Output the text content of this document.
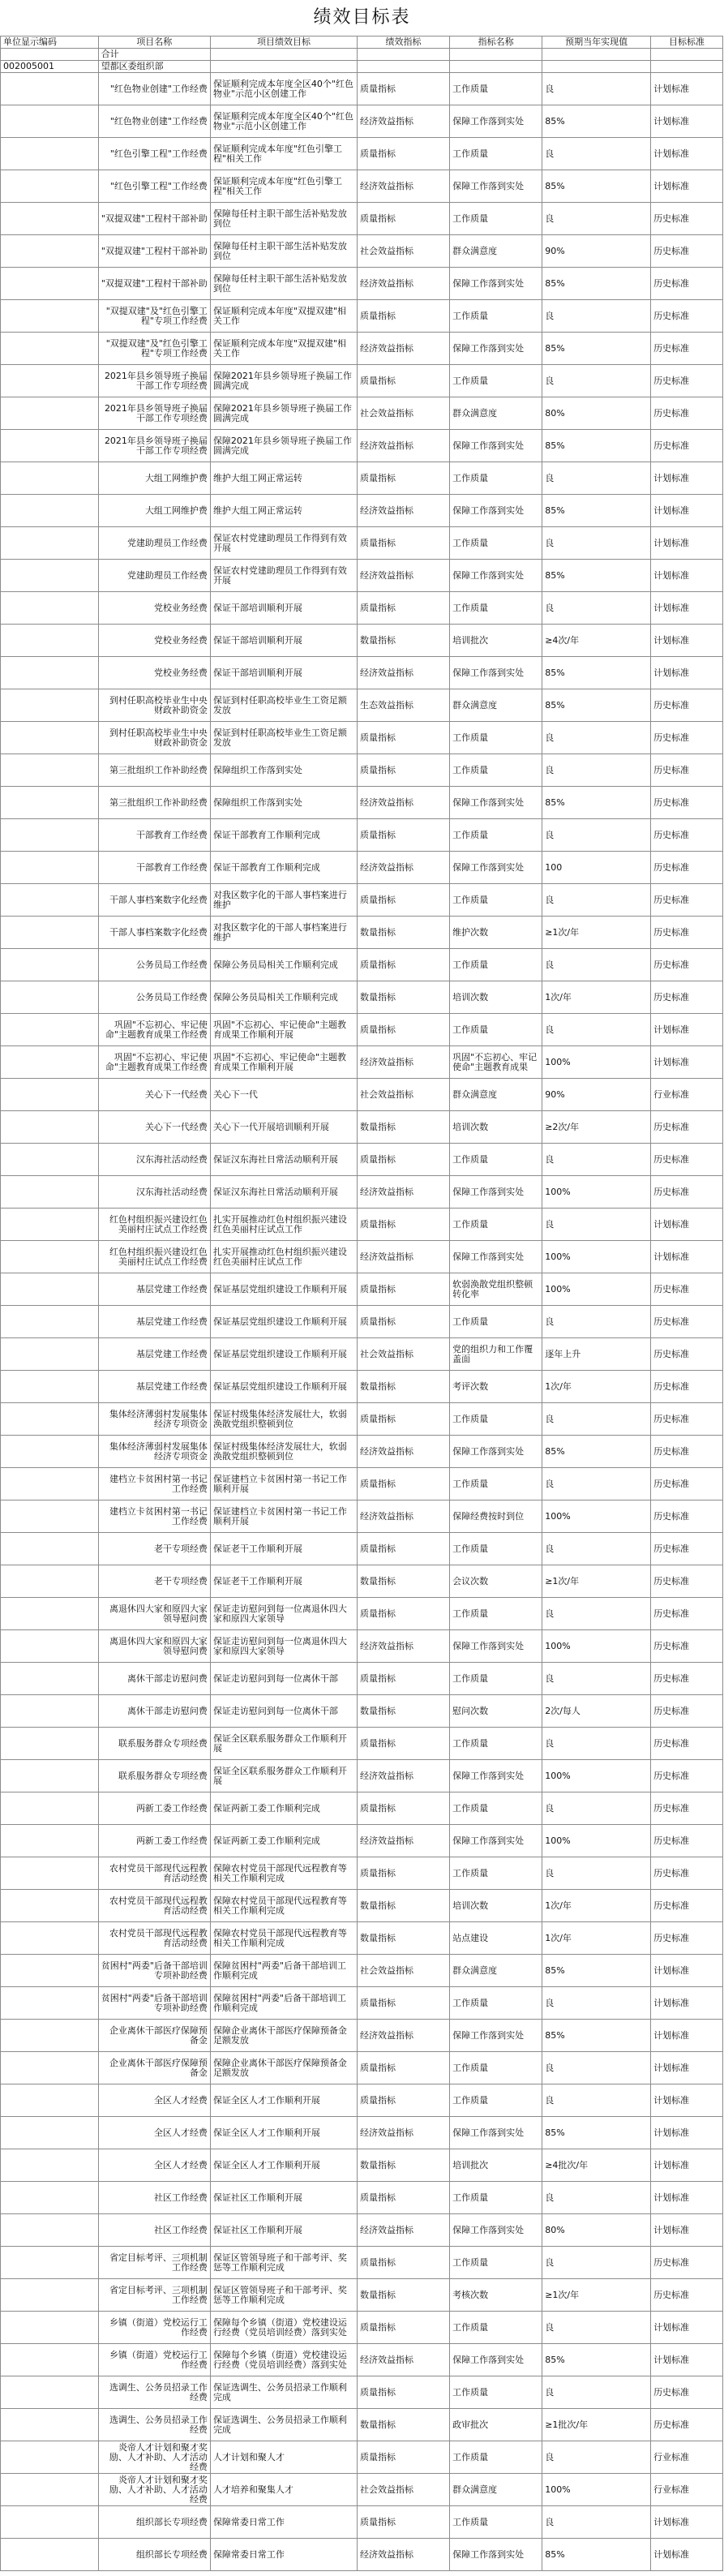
绩效目标表
单位显示编码	项目名称	项目绩效目标	绩效指标	指标名称	预期当年实现值	目标标准
	合计					
002005001	望都区委组织部					
	"红色物业创建"工作经费	保证顺利完成本年度全区40个"红色物业"示范小区创建工作	质量指标	工作质量	良	计划标准
	"红色物业创建"工作经费	保证顺利完成本年度全区40个"红色物业"示范小区创建工作	经济效益指标	保障工作落到实处	85%	计划标准
	"红色引擎工程"工作经费	保证顺利完成本年度"红色引擎工程"相关工作	质量指标	工作质量	良	计划标准
	"红色引擎工程"工作经费	保证顺利完成本年度"红色引擎工程"相关工作	经济效益指标	保障工作落到实处	85%	计划标准
	"双提双建"工程村干部补助	保障每任村主职干部生活补贴发放到位	质量指标	工作质量	良	历史标准
	"双提双建"工程村干部补助	保障每任村主职干部生活补贴发放到位	社会效益指标	群众满意度	90%	历史标准
	"双提双建"工程村干部补助	保障每任村主职干部生活补贴发放到位	经济效益指标	保障工作落到实处	85%	历史标准
	"双提双建"及"红色引擎工程"专项工作经费	保证顺利完成本年度"双提双建"相关工作	质量指标	工作质量	良	历史标准
	"双提双建"及"红色引擎工程"专项工作经费	保证顺利完成本年度"双提双建"相关工作	经济效益指标	保障工作落到实处	85%	历史标准
	2021年县乡领导班子换届干部工作专项经费	保障2021年县乡领导班子换届工作圆满完成	质量指标	工作质量	良	历史标准
	2021年县乡领导班子换届干部工作专项经费	保障2021年县乡领导班子换届工作圆满完成	社会效益指标	群众满意度	80%	历史标准
	2021年县乡领导班子换届干部工作专项经费	保障2021年县乡领导班子换届工作圆满完成	经济效益指标	保障工作落到实处	85%	历史标准
	大组工网维护费	维护大组工网正常运转	质量指标	工作质量	良	计划标准
	大组工网维护费	维护大组工网正常运转	经济效益指标	保障工作落到实处	85%	计划标准
	党建助理员工作经费	保证农村党建助理员工作得到有效开展	质量指标	工作质量	良	计划标准
	党建助理员工作经费	保证农村党建助理员工作得到有效开展	经济效益指标	保障工作落到实处	85%	计划标准
	党校业务经费	保证干部培训顺利开展	质量指标	工作质量	良	计划标准
	党校业务经费	保证干部培训顺利开展	数量指标	培训批次	≥4次/年	计划标准
	党校业务经费	保证干部培训顺利开展	经济效益指标	保障工作落到实处	85%	计划标准
	到村任职高校毕业生中央财政补助资金	保证到村任职高校毕业生工资足额发放	生态效益指标	群众满意度	85%	历史标准
	到村任职高校毕业生中央财政补助资金	保证到村任职高校毕业生工资足额发放	质量指标	工作质量	良	历史标准
	第三批组织工作补助经费	保障组织工作落到实处	质量指标	工作质量	良	历史标准
	第三批组织工作补助经费	保障组织工作落到实处	经济效益指标	保障工作落到实处	85%	历史标准
	干部教育工作经费	保证干部教育工作顺利完成	质量指标	工作质量	良	历史标准
	干部教育工作经费	保证干部教育工作顺利完成	经济效益指标	保障工作落到实处	100	历史标准
	干部人事档案数字化经费	对我区数字化的干部人事档案进行维护	质量指标	工作质量	良	历史标准
	干部人事档案数字化经费	对我区数字化的干部人事档案进行维护	数量指标	维护次数	≥1次/年	历史标准
	公务员局工作经费	保障公务员局相关工作顺利完成	质量指标	工作质量	良	历史标准
	公务员局工作经费	保障公务员局相关工作顺利完成	数量指标	培训次数	1次/年	历史标准
	巩固"不忘初心、牢记使命"主题教育成果工作经费	巩固"不忘初心、牢记使命"主题教育成果工作顺利开展	质量指标	工作质量	良	计划标准
	巩固"不忘初心、牢记使命"主题教育成果工作经费	巩固"不忘初心、牢记使命"主题教育成果工作顺利开展	经济效益指标	巩固"不忘初心、牢记使命"主题教育成果	100%	计划标准
	关心下一代经费	关心下一代	社会效益指标	群众满意度	90%	行业标准
	关心下一代经费	关心下一代开展培训顺利开展	数量指标	培训次数	≥2次/年	历史标准
	汉东海社活动经费	保证汉东海社日常活动顺利开展	质量指标	工作质量	良	历史标准
	汉东海社活动经费	保证汉东海社日常活动顺利开展	经济效益指标	保障工作落到实处	100%	历史标准
	红色村组织振兴建设红色美丽村庄试点工作经费	扎实开展推动红色村组织振兴建设红色美丽村庄试点工作	质量指标	工作质量	良	计划标准
	红色村组织振兴建设红色美丽村庄试点工作经费	扎实开展推动红色村组织振兴建设红色美丽村庄试点工作	经济效益指标	保障工作落到实处	100%	计划标准
	基层党建工作经费	保证基层党组织建设工作顺利开展	质量指标	软弱涣散党组织整顿转化率	100%	历史标准
	基层党建工作经费	保证基层党组织建设工作顺利开展	质量指标	工作质量	良	历史标准
	基层党建工作经费	保证基层党组织建设工作顺利开展	社会效益指标	党的组织力和工作覆盖面	逐年上升	历史标准
	基层党建工作经费	保证基层党组织建设工作顺利开展	数量指标	考评次数	1次/年	历史标准
	集体经济薄弱村发展集体经济专项资金	保证村级集体经济发展壮大，软弱涣散党组织整顿到位	质量指标	工作质量	良	历史标准
	集体经济薄弱村发展集体经济专项资金	保证村级集体经济发展壮大，软弱涣散党组织整顿到位	经济效益指标	保障工作落到实处	85%	历史标准
	建档立卡贫困村第一书记工作经费	保证建档立卡贫困村第一书记工作顺利开展	质量指标	工作质量	良	历史标准
	建档立卡贫困村第一书记工作经费	保证建档立卡贫困村第一书记工作顺利开展	经济效益指标	保障经费按时到位	100%	历史标准
	老干专项经费	保证老干工作顺利开展	质量指标	工作质量	良	历史标准
	老干专项经费	保证老干工作顺利开展	数量指标	会议次数	≥1次/年	历史标准
	离退休四大家和原四大家领导慰问费	保证走访慰问到每一位离退休四大家和原四大家领导	质量指标	工作质量	良	历史标准
	离退休四大家和原四大家领导慰问费	保证走访慰问到每一位离退休四大家和原四大家领导	经济效益指标	保障工作落到实处	100%	历史标准
	离休干部走访慰问费	保证走访慰问到每一位离休干部	质量指标	工作质量	良	历史标准
	离休干部走访慰问费	保证走访慰问到每一位离休干部	数量指标	慰问次数	2次/每人	历史标准
	联系服务群众专项经费	保证全区联系服务群众工作顺利开展	质量指标	工作质量	良	历史标准
	联系服务群众专项经费	保证全区联系服务群众工作顺利开展	经济效益指标	保障工作落到实处	100%	历史标准
	两新工委工作经费	保证两新工委工作顺利完成	质量指标	工作质量	良	历史标准
	两新工委工作经费	保证两新工委工作顺利完成	经济效益指标	保障工作落到实处	100%	历史标准
	农村党员干部现代远程教育活动经费	保障农村党员干部现代远程教育等相关工作顺利完成	质量指标	工作质量	良	历史标准
	农村党员干部现代远程教育活动经费	保障农村党员干部现代远程教育等相关工作顺利完成	数量指标	培训次数	1次/年	历史标准
	农村党员干部现代远程教育活动经费	保障农村党员干部现代远程教育等相关工作顺利完成	数量指标	站点建设	1次/年	历史标准
	贫困村"两委"后备干部培训专项补助经费	保障贫困村"两委"后备干部培训工作顺利完成	社会效益指标	群众满意度	85%	计划标准
	贫困村"两委"后备干部培训专项补助经费	保障贫困村"两委"后备干部培训工作顺利完成	质量指标	工作质量	良	计划标准
	企业离休干部医疗保障预备金	保障企业离休干部医疗保障预备金足额发放	经济效益指标	保障工作落到实处	85%	计划标准
	企业离休干部医疗保障预备金	保障企业离休干部医疗保障预备金足额发放	质量指标	工作质量	良	计划标准
	全区人才经费	保证全区人才工作顺利开展	质量指标	工作质量	良	计划标准
	全区人才经费	保证全区人才工作顺利开展	经济效益指标	保障工作落到实处	85%	计划标准
	全区人才经费	保证全区人才工作顺利开展	数量指标	培训批次	≥4批次/年	计划标准
	社区工作经费	保证社区工作顺利开展	质量指标	工作质量	良	计划标准
	社区工作经费	保证社区工作顺利开展	经济效益指标	保障工作落到实处	80%	计划标准
	省定目标考评、三项机制工作经费	保证区管领导班子和干部考评、奖惩等工作顺利完成	质量指标	工作质量	良	历史标准
	省定目标考评、三项机制工作经费	保证区管领导班子和干部考评、奖惩等工作顺利完成	数量指标	考核次数	≥1次/年	历史标准
	乡镇（街道）党校运行工作经费	保障每个乡镇（街道）党校建设运行经费（党员培训经费）落到实处	质量指标	工作质量	良	计划标准
	乡镇（街道）党校运行工作经费	保障每个乡镇（街道）党校建设运行经费（党员培训经费）落到实处	经济效益指标	保障工作落到实处	85%	计划标准
	选调生、公务员招录工作经费	保证选调生、公务员招录工作顺利完成	质量指标	工作质量	良	历史标准
	选调生、公务员招录工作经费	保证选调生、公务员招录工作顺利完成	数量指标	政审批次	≥1批次/年	历史标准
	炎帝人才计划和聚才奖励、人才补助、人才活动经费	人才计划和聚人才	质量指标	工作质量	良	行业标准
	炎帝人才计划和聚才奖励、人才补助、人才活动经费	人才培养和聚集人才	社会效益指标	群众满意度	100%	行业标准
	组织部长专项经费	保障常委日常工作	质量指标	工作质量	良	计划标准
	组织部长专项经费	保障常委日常工作	经济效益指标	保障工作落到实处	85%	计划标准
